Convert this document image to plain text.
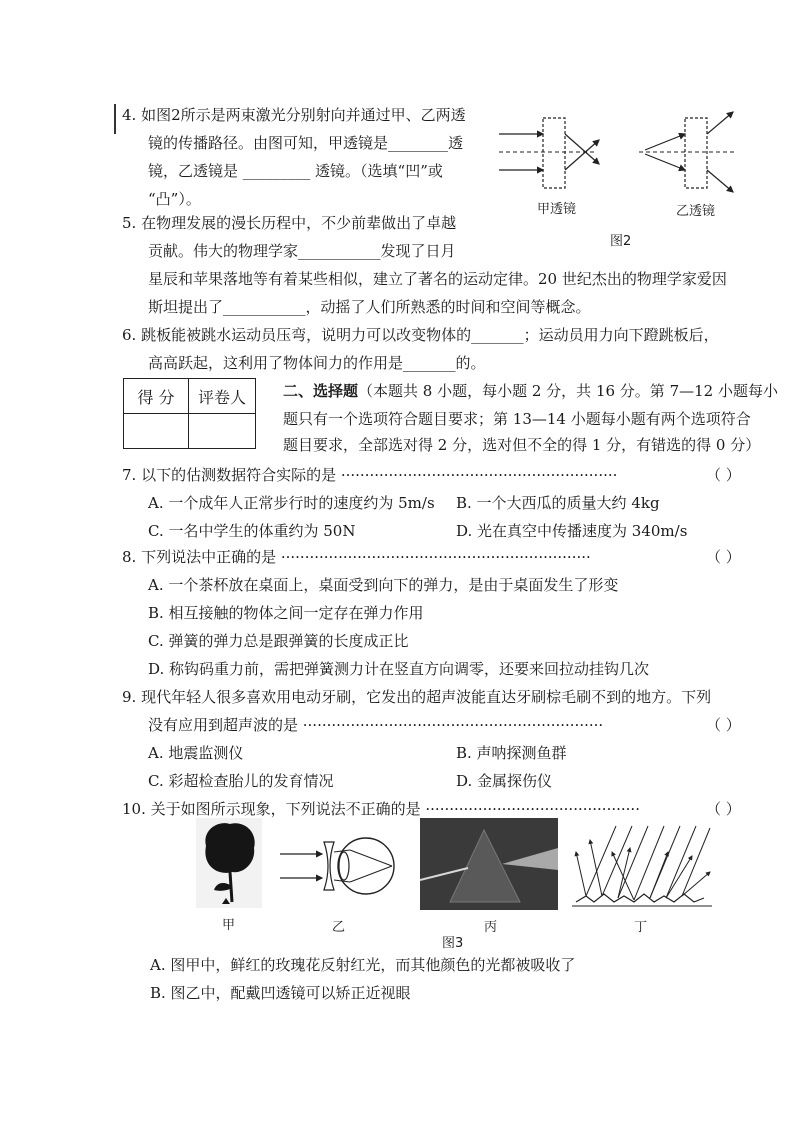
4. 如图2所示是两束激光分别射向并通过甲、乙两透
镜的传播路径。由图可知，甲透镜是________透
镜，乙透镜是 _________ 透镜。（选填“凹”或
“凸”）。
甲透镜	乙透镜
图2
5. 在物理发展的漫长历程中，不少前辈做出了卓越
贡献。伟大的物理学家___________发现了日月
星辰和苹果落地等有着某些相似，建立了著名的运动定律。20 世纪杰出的物理学家爱因
斯坦提出了___________，动摇了人们所熟悉的时间和空间等概念。
6. 跳板能被跳水运动员压弯，说明力可以改变物体的_______；运动员用力向下蹬跳板后，
高高跃起，这利用了物体间力的作用是_______的。
得 分	评卷人
	二、选择题（本题共 8 小题，每小题 2 分，共 16 分。第 7—12 小题每小
题只有一个选项符合题目要求；第 13—14 小题每小题有两个选项符合
题目要求，全部选对得 2 分，选对但不全的得 1 分，有错选的得 0 分）
7. 以下的估测数据符合实际的是 ··························································	（ ）
A. 一个成年人正常步行时的速度约为 5m/s B. 一个大西瓜的质量大约 4kg
C. 一名中学生的体重约为 50N	D. 光在真空中传播速度为 340m/s
8. 下列说法中正确的是 ·································································	（ ）
A. 一个茶杯放在桌面上，桌面受到向下的弹力，是由于桌面发生了形变
B. 相互接触的物体之间一定存在弹力作用
C. 弹簧的弹力总是跟弹簧的长度成正比
D. 称钩码重力前，需把弹簧测力计在竖直方向调零，还要来回拉动挂钩几次
9. 现代年轻人很多喜欢用电动牙刷，它发出的超声波能直达牙刷棕毛刷不到的地方。下列
没有应用到超声波的是 ·······························································	（ ）
A. 地震监测仪	B. 声呐探测鱼群
C. 彩超检查胎儿的发育情况	D. 金属探伤仪
10. 关于如图所示现象，下列说法不正确的是 ·············································	（ ）
甲	乙	丙	丁
图3
A. 图甲中，鲜红的玫瑰花反射红光，而其他颜色的光都被吸收了
B. 图乙中，配戴凹透镜可以矫正近视眼
